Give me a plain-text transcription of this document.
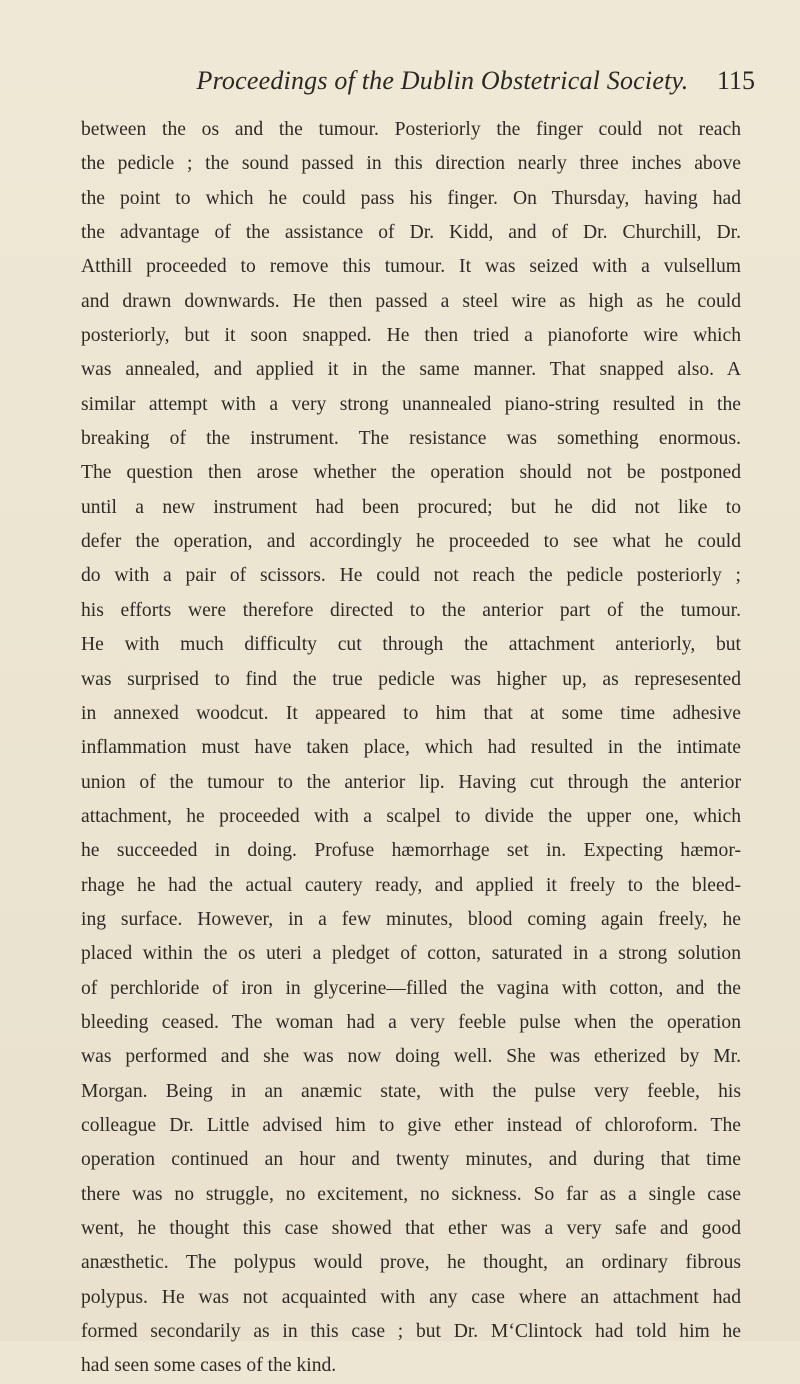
Proceedings of the Dublin Obstetrical Society.	115
between the os and the tumour. Posteriorly the finger could not reach
the pedicle ; the sound passed in this direction nearly three inches above
the point to which he could pass his finger. On Thursday, having had
the advantage of the assistance of Dr. Kidd, and of Dr. Churchill, Dr.
Atthill proceeded to remove this tumour. It was seized with a vulsellum
and drawn downwards. He then passed a steel wire as high as he could
posteriorly, but it soon snapped. He then tried a pianoforte wire which
was annealed, and applied it in the same manner. That snapped also. A
similar attempt with a very strong unannealed piano-string resulted in the
breaking of the instrument. The resistance was something enormous.
The question then arose whether the operation should not be postponed
until a new instrument had been procured; but he did not like to
defer the operation, and accordingly he proceeded to see what he could
do with a pair of scissors. He could not reach the pedicle posteriorly ;
his efforts were therefore directed to the anterior part of the tumour.
He with much difficulty cut through the attachment anteriorly, but
was surprised to find the true pedicle was higher up, as represesented
in annexed woodcut. It appeared to him that at some time adhesive
inflammation must have taken place, which had resulted in the intimate
union of the tumour to the anterior lip. Having cut through the anterior
attachment, he proceeded with a scalpel to divide the upper one, which
he succeeded in doing. Profuse hæmorrhage set in. Expecting hæmor-
rhage he had the actual cautery ready, and applied it freely to the bleed-
ing surface. However, in a few minutes, blood coming again freely, he
placed within the os uteri a pledget of cotton, saturated in a strong solution
of perchloride of iron in glycerine—filled the vagina with cotton, and the
bleeding ceased. The woman had a very feeble pulse when the operation
was performed and she was now doing well. She was etherized by Mr.
Morgan. Being in an anæmic state, with the pulse very feeble, his
colleague Dr. Little advised him to give ether instead of chloroform. The
operation continued an hour and twenty minutes, and during that time
there was no struggle, no excitement, no sickness. So far as a single case
went, he thought this case showed that ether was a very safe and good
anæsthetic. The polypus would prove, he thought, an ordinary fibrous
polypus. He was not acquainted with any case where an attachment had
formed secondarily as in this case ; but Dr. M‘Clintock had told him he
had seen some cases of the kind.
